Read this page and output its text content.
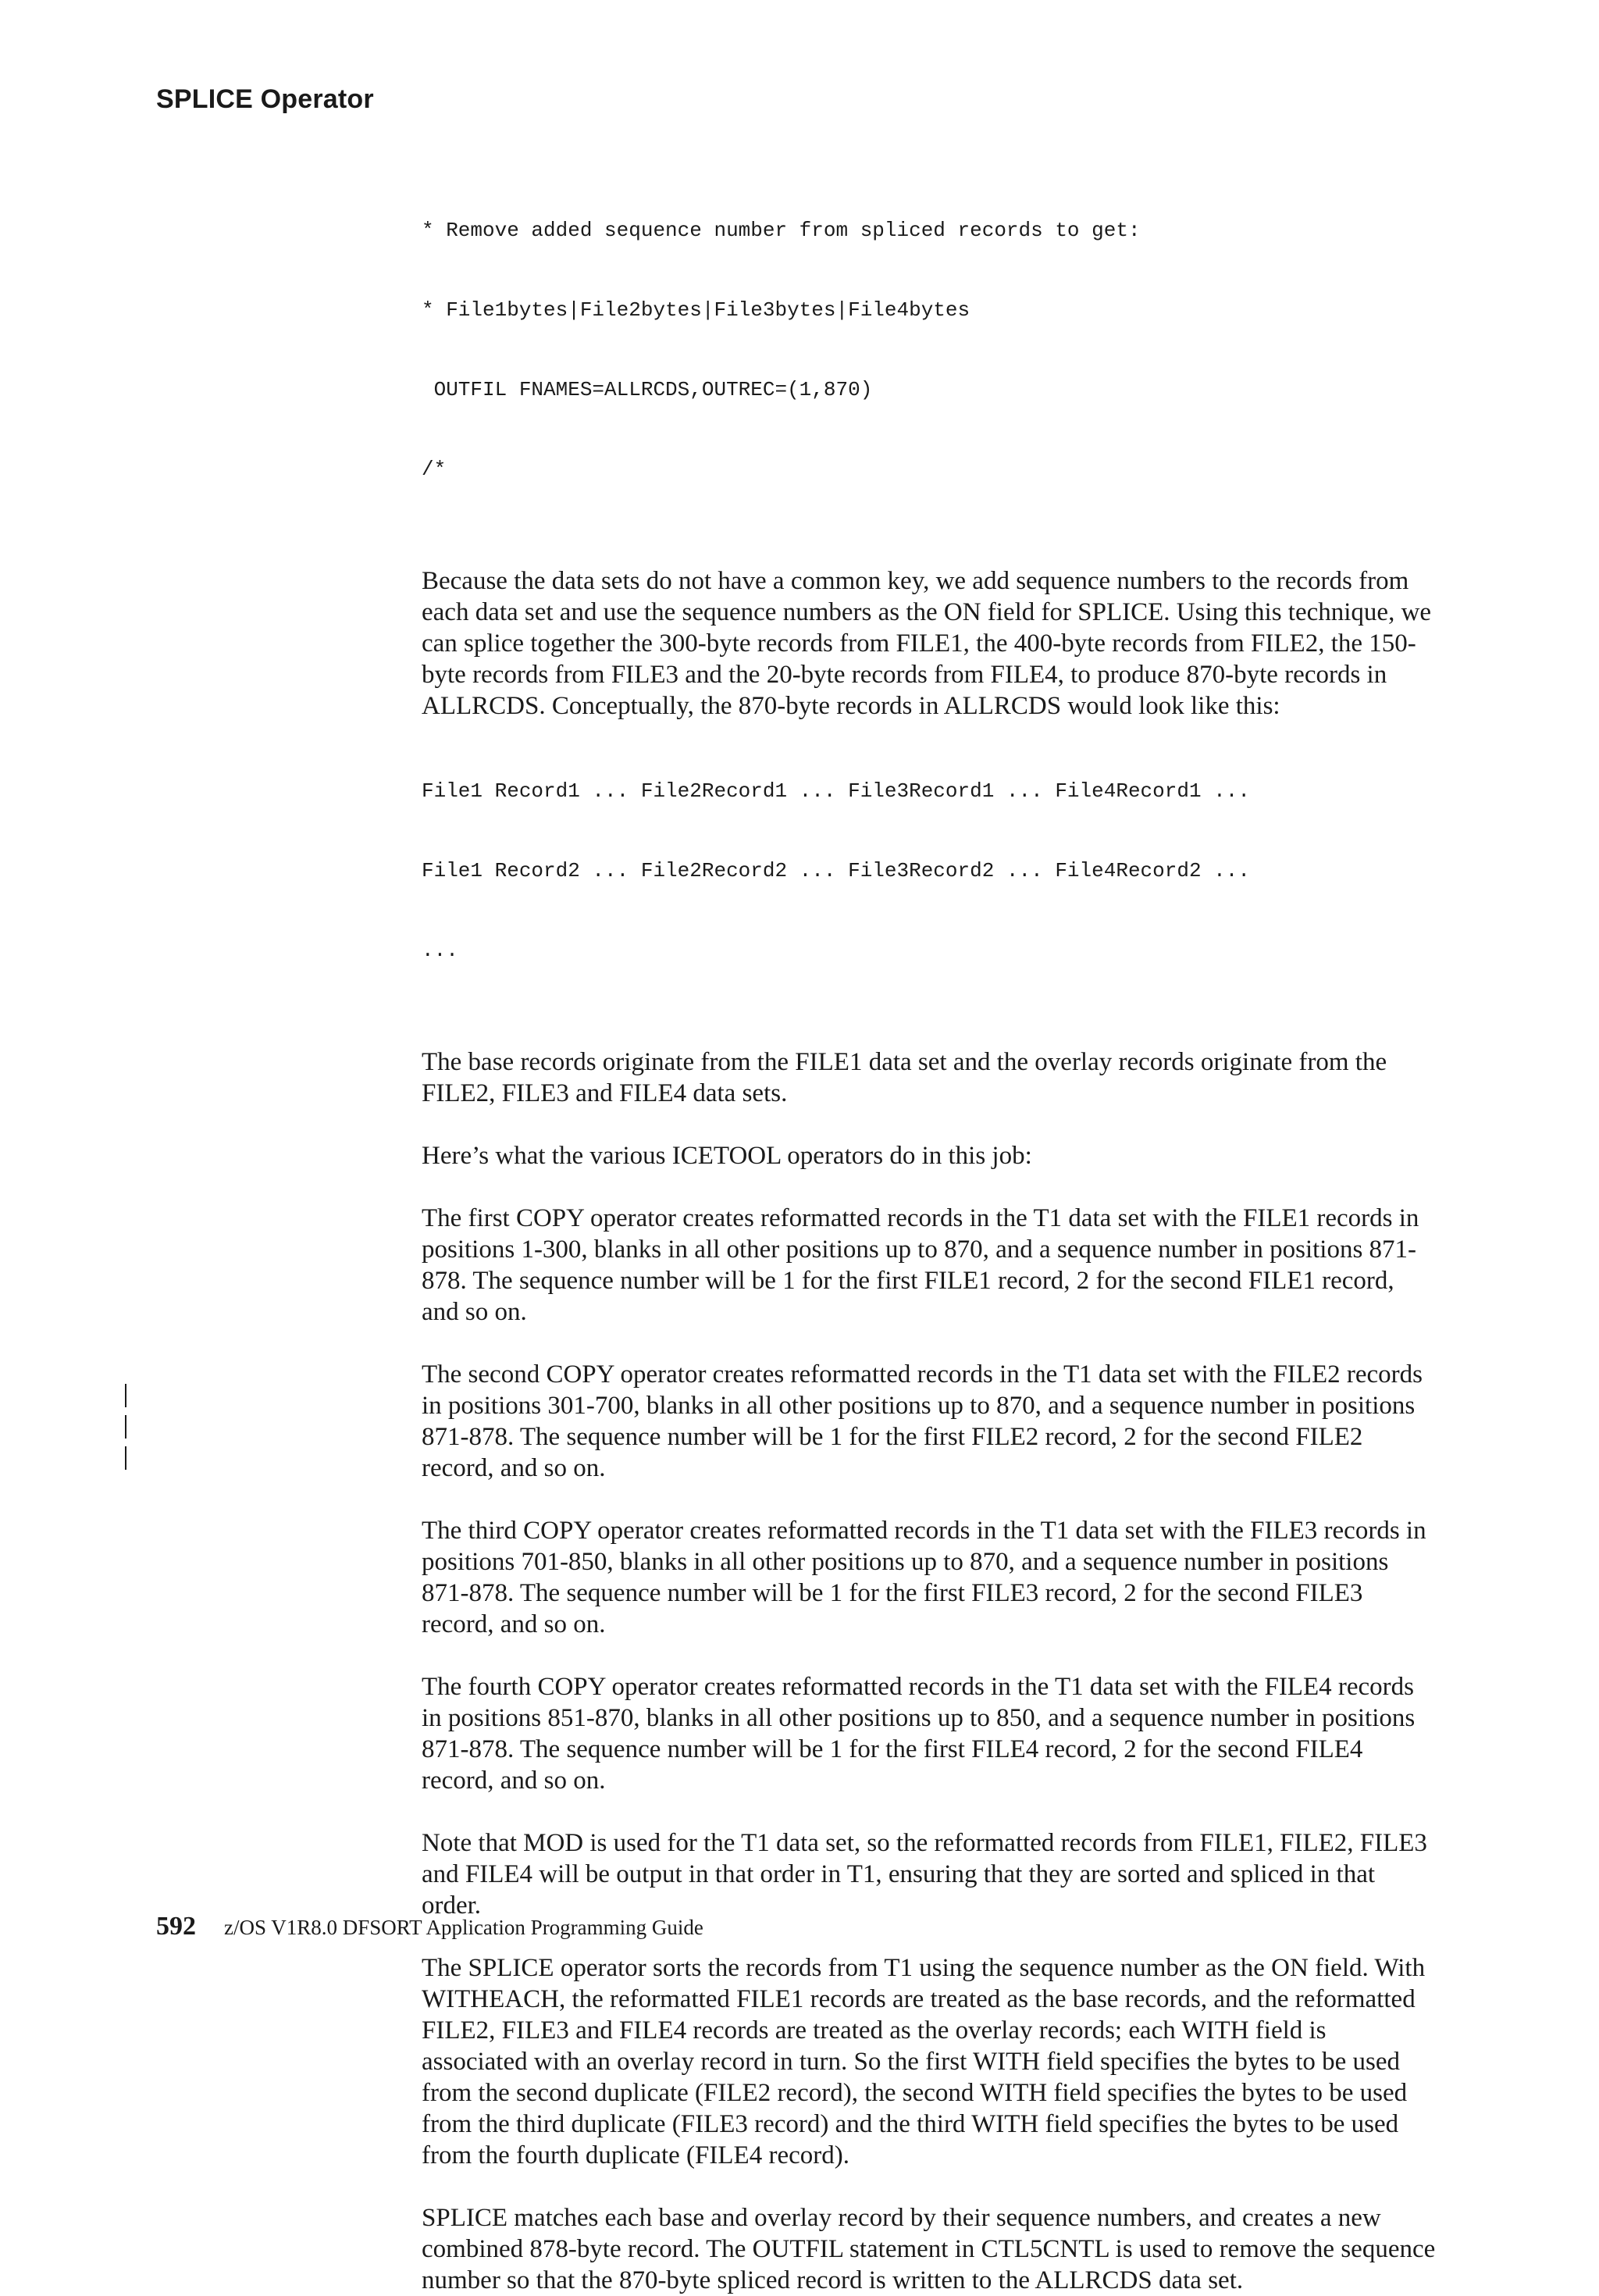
SPLICE Operator

* Remove added sequence number from spliced records to get:

* File1bytes|File2bytes|File3bytes|File4bytes

OUTFIL FNAMES=ALLRCDS,OUTREC=(1,870)

/*

Because the data sets do not have a common key, we add sequence numbers to the records from each data set and use the sequence numbers as the ON field for SPLICE. Using this technique, we can splice together the 300-byte records from FILE1, the 400-byte records from FILE2, the 150-byte records from FILE3 and the 20-byte records from FILE4, to produce 870-byte records in ALLRCDS. Conceptually, the 870-byte records in ALLRCDS would look like this:

File1 Record1 ... File2Record1 ... File3Record1 ... File4Record1 ...

File1 Record2 ... File2Record2 ... File3Record2 ... File4Record2 ...

...

The base records originate from the FILE1 data set and the overlay records originate from the FILE2, FILE3 and FILE4 data sets.

Here’s what the various ICETOOL operators do in this job:

The first COPY operator creates reformatted records in the T1 data set with the FILE1 records in positions 1-300, blanks in all other positions up to 870, and a sequence number in positions 871-878. The sequence number will be 1 for the first FILE1 record, 2 for the second FILE1 record, and so on.

The second COPY operator creates reformatted records in the T1 data set with the FILE2 records in positions 301-700, blanks in all other positions up to 870, and a sequence number in positions 871-878. The sequence number will be 1 for the first FILE2 record, 2 for the second FILE2 record, and so on.

The third COPY operator creates reformatted records in the T1 data set with the FILE3 records in positions 701-850, blanks in all other positions up to 870, and a sequence number in positions 871-878. The sequence number will be 1 for the first FILE3 record, 2 for the second FILE3 record, and so on.

The fourth COPY operator creates reformatted records in the T1 data set with the FILE4 records in positions 851-870, blanks in all other positions up to 850, and a sequence number in positions 871-878. The sequence number will be 1 for the first FILE4 record, 2 for the second FILE4 record, and so on.

Note that MOD is used for the T1 data set, so the reformatted records from FILE1, FILE2, FILE3 and FILE4 will be output in that order in T1, ensuring that they are sorted and spliced in that order.

The SPLICE operator sorts the records from T1 using the sequence number as the ON field. With WITHEACH, the reformatted FILE1 records are treated as the base records, and the reformatted FILE2, FILE3 and FILE4 records are treated as the overlay records; each WITH field is associated with an overlay record in turn. So the first WITH field specifies the bytes to be used from the second duplicate (FILE2 record), the second WITH field specifies the bytes to be used from the third duplicate (FILE3 record) and the third WITH field specifies the bytes to be used from the fourth duplicate (FILE4 record).

SPLICE matches each base and overlay record by their sequence numbers, and creates a new combined 878-byte record. The OUTFIL statement in CTL5CNTL is used to remove the sequence number so that the 870-byte spliced record is written to the ALLRCDS data set.

592 z/OS V1R8.0 DFSORT Application Programming Guide
